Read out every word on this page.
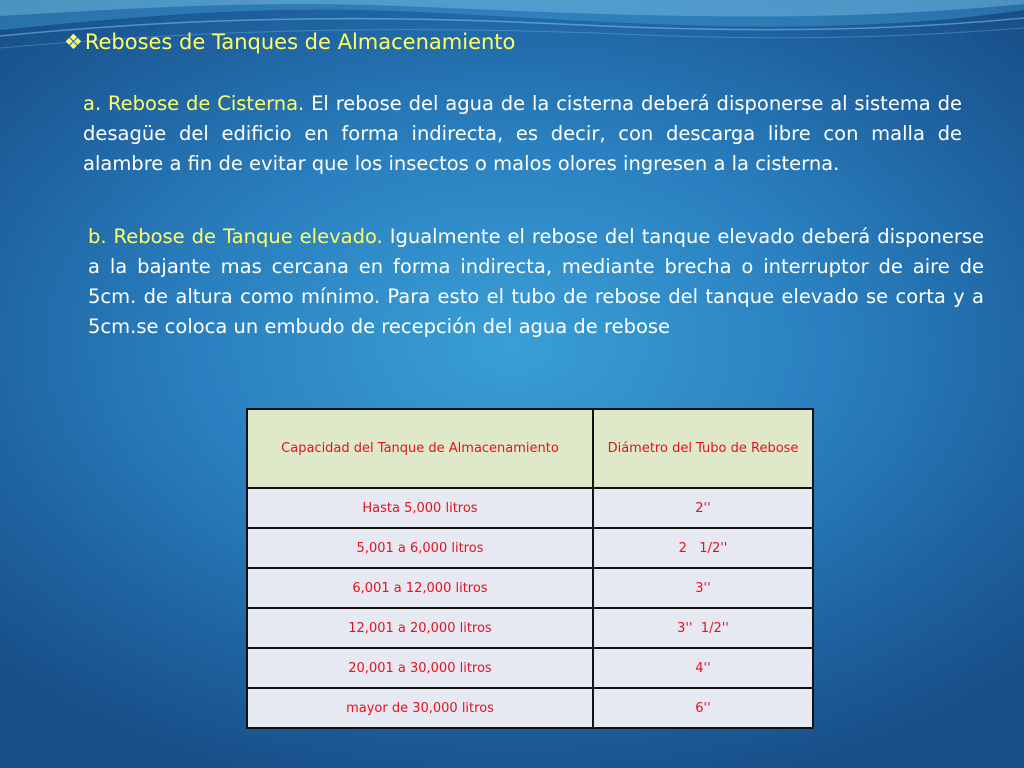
❖Reboses de Tanques de Almacenamiento
a. Rebose de Cisterna. El rebose del agua de la cisterna deberá disponerse al sistema de desagüe del edificio en forma indirecta, es decir, con descarga libre con malla de alambre a fin de evitar que los insectos o malos olores ingresen a la cisterna.
b. Rebose de Tanque elevado. Igualmente el rebose del tanque elevado deberá disponerse a la bajante mas cercana en forma indirecta, mediante brecha o interruptor de aire de 5cm. de altura como mínimo. Para esto el tubo de rebose del tanque elevado se corta y a 5cm.se coloca un embudo de recepción del agua de rebose
Capacidad del Tanque de Almacenamiento	Diámetro del Tubo de Rebose
Hasta 5,000 litros	2''
5,001 a 6,000 litros	2   1/2''
6,001 a 12,000 litros	3''
12,001 a 20,000 litros	3''  1/2''
20,001 a 30,000 litros	4''
mayor de 30,000 litros	6''
